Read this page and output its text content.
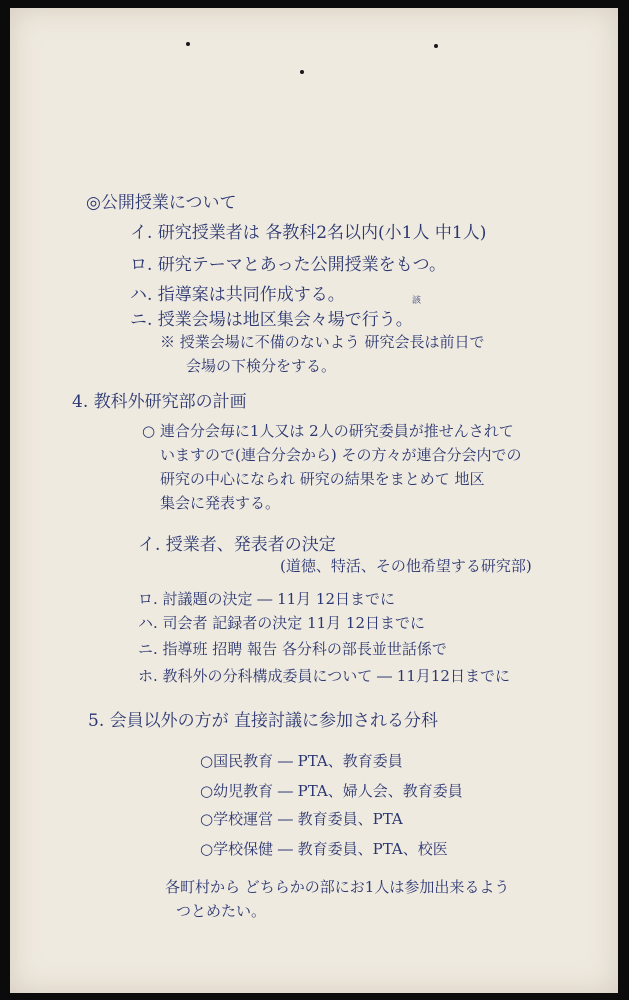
◎公開授業について
イ. 研究授業者は 各教科2名以内(小1人 中1人)
ロ. 研究テーマとあった公開授業をもつ。
ハ. 指導案は共同作成する。
ニ. 授業会場は地区集会々場で行う。
該
※ 授業会場に不備のないよう 研究会長は前日で
会場の下検分をする。
4. 教科外研究部の計画
○ 連合分会毎に1人又は 2人の研究委員が推せんされて
いますので(連合分会から) その方々が連合分会内での
研究の中心になられ 研究の結果をまとめて 地区
集会に発表する。
イ. 授業者、発表者の決定
(道徳、特活、その他希望する研究部)
ロ. 討議題の決定 ― 11月 12日までに
ハ. 司会者 記録者の決定 11月 12日までに
ニ. 指導班 招聘 報告 各分科の部長並世話係で
ホ. 教科外の分科構成委員について ― 11月12日までに
5. 会員以外の方が 直接討議に参加される分科
○国民教育 ― PTA、教育委員
○幼児教育 ― PTA、婦人会、教育委員
○学校運営 ― 教育委員、PTA
○学校保健 ― 教育委員、PTA、校医
各町村から どちらかの部にお1人は参加出来るよう
つとめたい。
